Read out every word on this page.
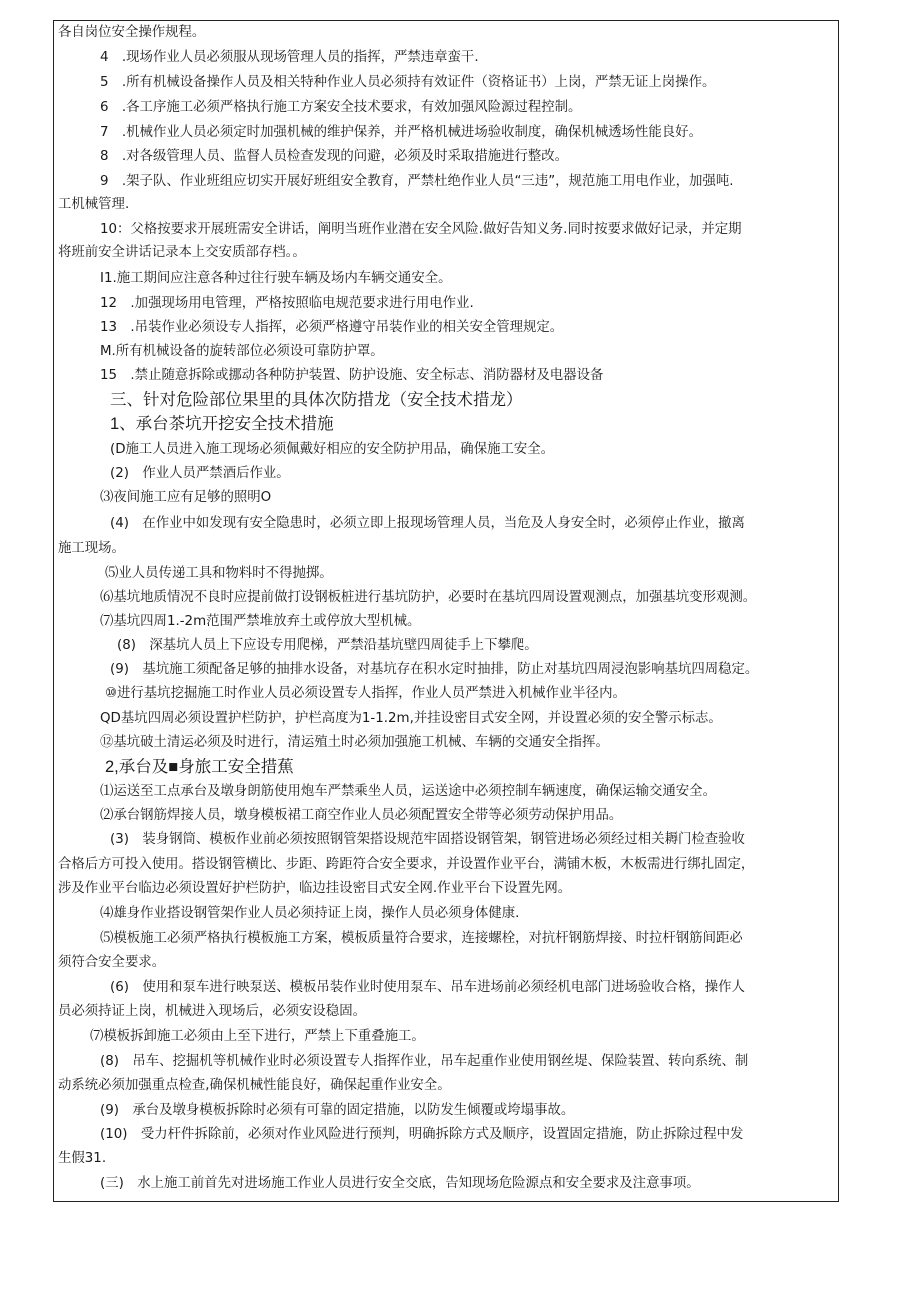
三、针对危险部位果里的具体次防措龙（安全技术措龙）
1、承台茶坑开挖安全技术措施
2,承台及■身旅工安全措蕉
各自岗位安全操作规程。
4　.现场作业人员必须服从现场管理人员的指挥，严禁违章蛮干.
5　.所有机械设备操作人员及相关特种作业人员必须持有效证件（资格证书）上岗，严禁无证上岗操作。
6　.各工序施工必须严格执行施工方案安全技术要求，有效加强风险源过程控制。
7　.机械作业人员必须定时加强机械的维护保养，并严格机械进场验收制度，确保机械透场性能良好。
8　.对各级管理人员、监督人员检查发现的问避，必须及时采取措施进行整改。
9　.架子队、作业班组应切实开展好班组安全教育，严禁杜绝作业人员“三违”，规范施工用电作业，加强吨.
工机械管理.
10：父格按要求开展班需安全讲话，阐明当班作业潜在安全风险.做好告知义务.同时按要求做好记录，并定期
将班前安全讲话记录本上交安质部存档。。
I1.施工期间应注意各种过往行驶车辆及场内车辆交通安全。
12　.加强现场用电管理，严格按照临电规范要求进行用电作业.
13　.吊装作业必须设专人指挥，必须严格遵守吊装作业的相关安全管理规定。
M.所有机械设备的旋转部位必须设可靠防护罩。
15　.禁止随意拆除或挪动各种防护装置、防护设施、安全标志、消防器材及电器设备
(D施工人员进入施工现场必须佩戴好相应的安全防护用品，确保施工安全。
(2)　作业人员严禁酒后作业。
⑶夜间施工应有足够的照明O
(4)　在作业中如发现有安全隐患时，必须立即上报现场管理人员，当危及人身安全时，必须停止作业，撤离
施工现场。
⑸业人员传递工具和物料时不得抛掷。
⑹基坑地质情况不良时应提前做打设钢板桩进行基坑防护，必要时在基坑四周设置观测点，加强基坑变形观测。
⑺基坑四周1.-2m范围严禁堆放弃土或停放大型机械。
(8)　深基坑人员上下应设专用爬梯，严禁沿基坑壁四周徒手上下攀爬。
(9)　基坑施工须配备足够的抽排水设备，对基坑存在积水定时抽排，防止对基坑四周浸泡影响基坑四周稳定。
⑩进行基坑挖掘施工时作业人员必须设置专人指挥，作业人员严禁进入机械作业半径内。
QD基坑四周必须设置护栏防护，护栏高度为1-1.2m,并挂设密目式安全网，并设置必须的安全警示标志。
⑫基坑破土清运必须及时进行，清运殖土时必须加强施工机械、车辆的交通安全指挥。
⑴运送至工点承台及墩身朗筋使用炮车严禁乘坐人员，运送途中必须控制车辆速度，确保运输交通安全。
⑵承台钢筋焊接人员，墩身模板裙工商空作业人员必须配置安全带等必须劳动保护用品。
(3)　装身钢筒、模板作业前必须按照钢管架搭设规范牢固搭设钢管架，钢管进场必须经过相关耨门检查验收
合格后方可投入使用。搭设钢管横比、步距、跨距符合安全要求，并设置作业平台，满铺木板，木板需进行绑扎固定，
涉及作业平台临边必须设置好护栏防护，临边挂设密目式安全网.作业平台下设置先网。
⑷雄身作业搭设钢管架作业人员必须持证上岗，操作人员必须身体健康.
⑸模板施工必须严格执行模板施工方案，模板质量符合要求，连接螺栓，对抗杆钢筋焊接、时拉杆钢筋间距必
须符合安全要求。
(6)　使用和泵车进行映泵送、模板吊装作业时使用泵车、吊车进场前必须经机电部门进场验收合格，操作人
员必须持证上岗，机械进入现场后，必须安设稳固。
⑺模板拆卸施工必须由上至下进行，严禁上下重叠施工。
(8)　吊车、挖掘机等机械作业时必须设置专人指挥作业，吊车起重作业使用钢丝堤、保险装置、转向系统、制
动系统必须加强重点检查,确保机械性能良好，确保起重作业安全。
(9)　承台及墩身模板拆除时必须有可靠的固定措施，以防发生倾覆或垮塌事故。
(10)　受力杆件拆除前，必须对作业风险进行预判，明确拆除方式及顺序，设置固定措施，防止拆除过程中发
生假31.
(三)　水上施工前首先对进场施工作业人员进行安全交底，告知现场危险源点和安全要求及注意事项。
